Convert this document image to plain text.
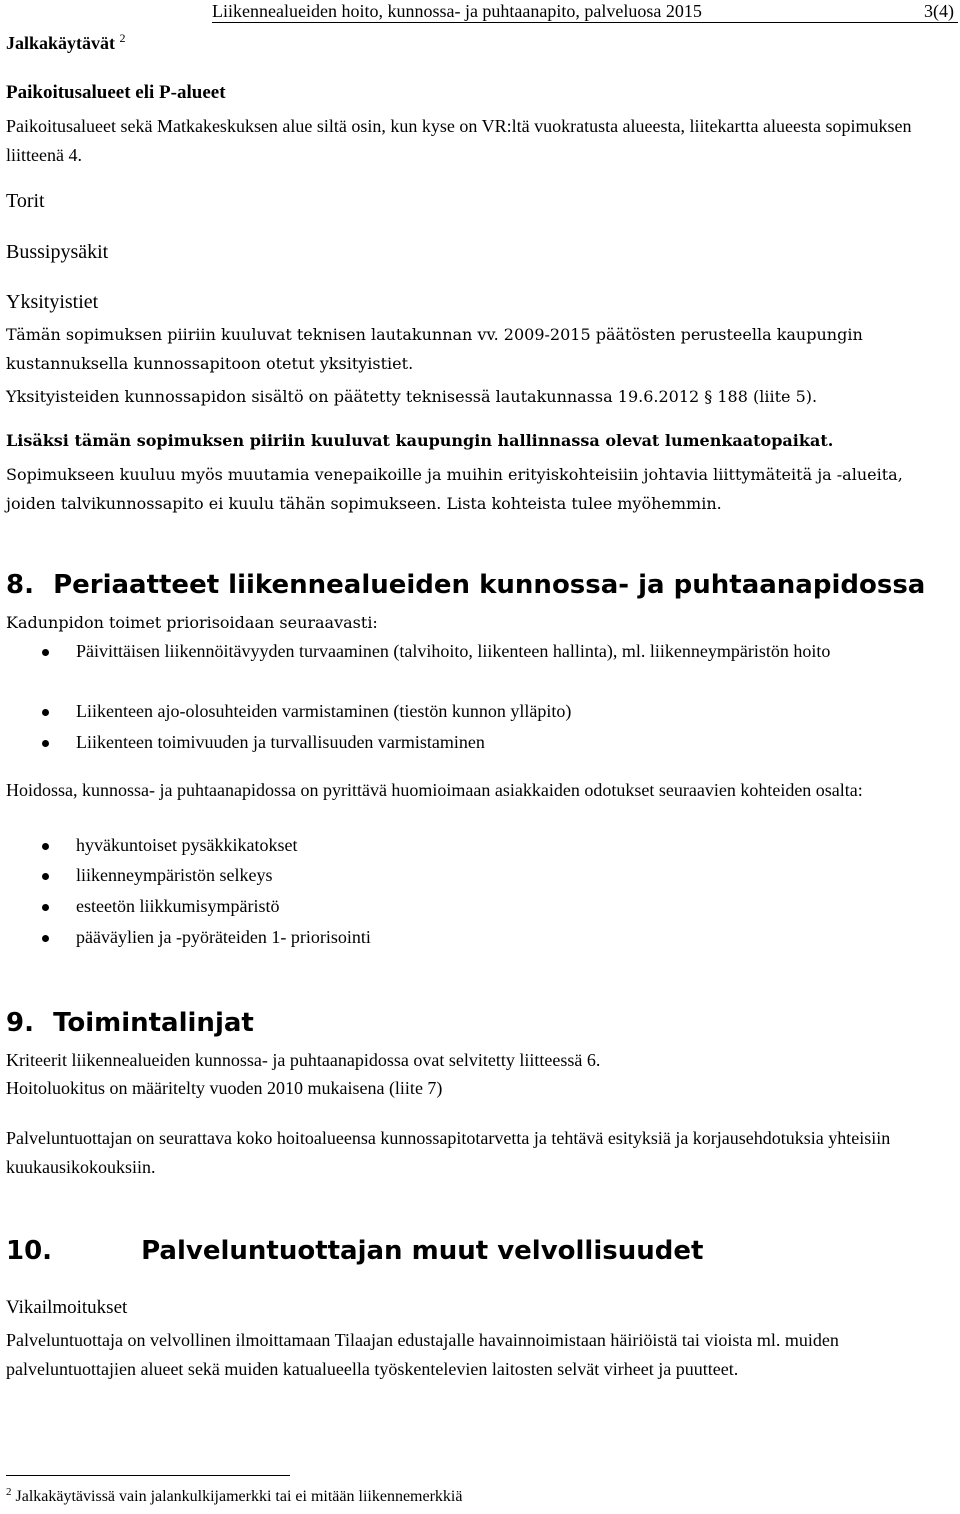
Liikennealueiden hoito, kunnossa- ja puhtaanapito, palveluosa 2015	3(4)
Jalkakäytävät $^2$
Paikoitusalueet eli P-alueet

Paikoitusalueet sekä Matkakeskuksen alue siltä osin, kun kyse on VR:ltä vuokratusta alueesta, liitekartta alueesta sopimuksen liitteenä 4.

Torit
Bussipysäkit
Yksityistiet

Tämän sopimuksen piiriin kuuluvat teknisen lautakunnan vv. 2009-2015 päätösten perusteella kaupungin kustannuksella kunnossapitoon otetut yksityistiet.

Yksityisteiden kunnossapidon sisältö on päätetty teknisessä lautakunnassa 19.6.2012 § 188 (liite 5).

Lisäksi tämän sopimuksen piiriin kuuluvat kaupungin hallinnassa olevat lumenkaatopaikat.

Sopimukseen kuuluu myös muutamia venepaikoille ja muihin erityiskohteisiin johtavia liittymäteitä ja -alueita, joiden talvikunnossapito ei kuulu tähän sopimukseen. Lista kohteista tulee myöhemmin.

8. Periaatteet liikennealueiden kunnossa- ja puhtaanapidossa

Kadunpidon toimet priorisoidaan seuraavasti:

Päivittäisen liikennöitävyyden turvaaminen (talvihoito, liikenteen hallinta), ml. liikenneympäristön hoito
Liikenteen ajo-olosuhteiden varmistaminen (tiestön kunnon ylläpito)
Liikenteen toimivuuden ja turvallisuuden varmistaminen

Hoidossa, kunnossa- ja puhtaanapidossa on pyrittävä huomioimaan asiakkaiden odotukset seuraavien kohteiden osalta:

hyväkuntoiset pysäkkikatokset
liikenneympäristön selkeys
esteetön liikkumisympäristö
pääväylien ja -pyöräteiden 1- priorisointi
9. Toimintalinjat

Kriteerit liikennealueiden kunnossa- ja puhtaanapidossa ovat selvitetty liitteessä 6.

Hoitoluokitus on määritelty vuoden 2010 mukaisena (liite 7)

Palveluntuottajan on seurattava koko hoitoalueensa kunnossapitotarvetta ja tehtävä esityksiä ja korjausehdotuksia yhteisiin kuukausikokouksiin.

10.	Palveluntuottajan muut velvollisuudet
Vikailmoitukset

Palveluntuottaja on velvollinen ilmoittamaan Tilaajan edustajalle havainnoimistaan häiriöistä tai vioista ml. muiden palveluntuottajien alueet sekä muiden katualueella työskentelevien laitosten selvät virheet ja puutteet.

$^2$ Jalkakäytävissä vain jalankulkijamerkki tai ei mitään liikennemerkkiä
